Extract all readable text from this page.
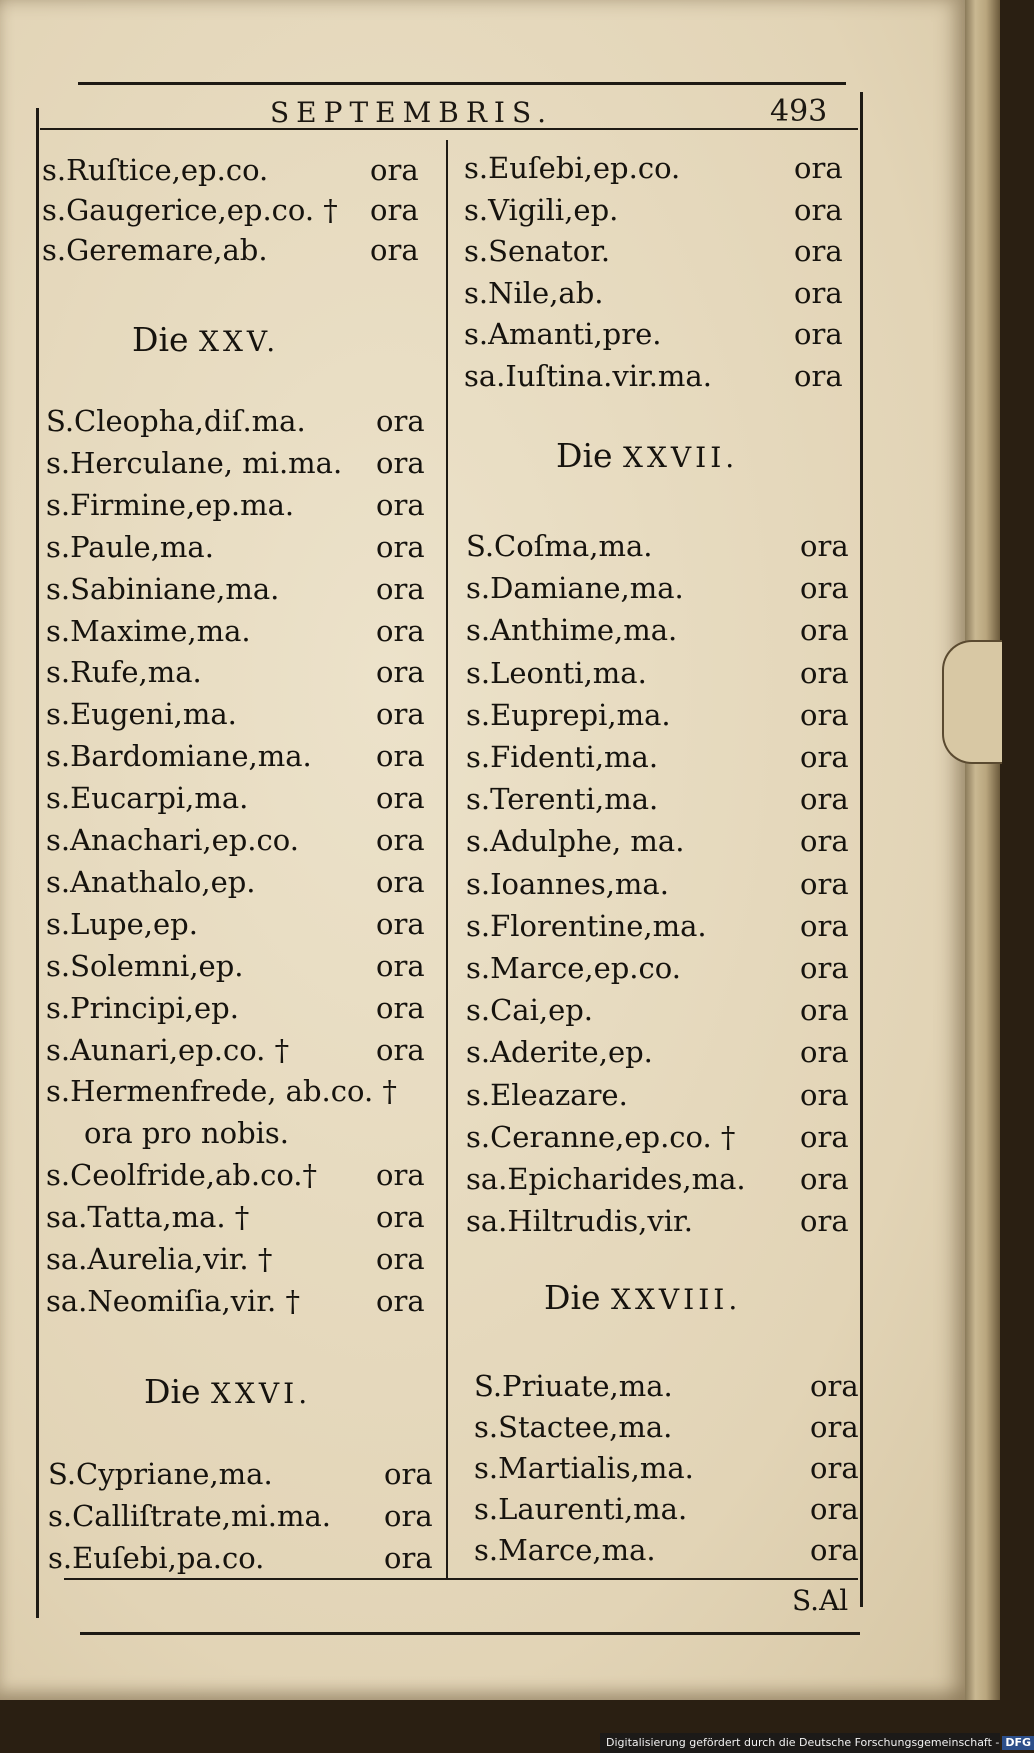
SEPTEMBRIS.	493
s.Ruſtice,ep.co.	ora
s.Gaugerice,ep.co. † ora
s.Geremare,ab.	ora
Die XXV.
S.Cleopha,diſ.ma. ora
s.Herculane, mi.ma. ora
s.Firmine,ep.ma.	ora
s.Paule,ma.	ora
s.Sabiniane,ma.	ora
s.Maxime,ma.	ora
s.Rufe,ma.	ora
s.Eugeni,ma.	ora
s.Bardomiane,ma. ora
s.Eucarpi,ma.	ora
s.Anachari,ep.co.	ora
s.Anathalo,ep.	ora
s.Lupe,ep.	ora
s.Solemni,ep.	ora
s.Principi,ep.	ora
s.Aunari,ep.co. †	ora
s.Hermenfrede, ab.co. †
ora pro nobis.
s.Ceolfride,ab.co.† ora
sa.Tatta,ma. †	ora
sa.Aurelia,vir. †	ora
sa.Neomiſia,vir. †	ora
Die XXVI.
S.Cypriane,ma.	ora
s.Calliſtrate,mi.ma. ora
s.Euſebi,pa.co.	ora
s.Euſebi,ep.co.	ora
s.Vigili,ep.	ora
s.Senator.	ora
s.Nile,ab.	ora
s.Amanti,pre.	ora
sa.Iuſtina.vir.ma.	ora
Die XXVII.
S.Coſma,ma.	ora
s.Damiane,ma.	ora
s.Anthime,ma.	ora
s.Leonti,ma.	ora
s.Euprepi,ma.	ora
s.Fidenti,ma.	ora
s.Terenti,ma.	ora
s.Adulphe, ma.	ora
s.Ioannes,ma.	ora
s.Florentine,ma.	ora
s.Marce,ep.co.	ora
s.Cai,ep.	ora
s.Aderite,ep.	ora
s.Eleazare.	ora
s.Ceranne,ep.co. † ora
sa.Epicharides,ma. ora
sa.Hiltrudis,vir.	ora
Die XXVIII.
S.Priuate,ma.	ora
s.Stactee,ma.	ora
s.Martialis,ma.	ora
s.Laurenti,ma.	ora
s.Marce,ma.	ora
S.Al
Digitalisierung gefördert durch die Deutsche Forschungsgemeinschaft - DFG
